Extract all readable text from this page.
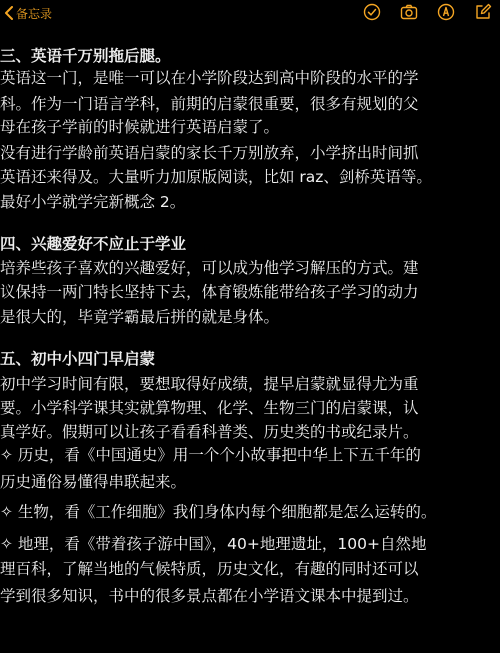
备忘录
三、英语千万别拖后腿。
英语这一门，是唯一可以在小学阶段达到高中阶段的水平的学
科。作为一门语言学科，前期的启蒙很重要，很多有规划的父
母在孩子学前的时候就进行英语启蒙了。
没有进行学龄前英语启蒙的家长千万别放弃，小学挤出时间抓
英语还来得及。大量听力加原版阅读，比如 raz、剑桥英语等。
最好小学就学完新概念 2。
四、兴趣爱好不应止于学业
培养些孩子喜欢的兴趣爱好，可以成为他学习解压的方式。建
议保持一两门特长坚持下去，体育锻炼能带给孩子学习的动力
是很大的，毕竟学霸最后拼的就是身体。
五、初中小四门早启蒙
初中学习时间有限，要想取得好成绩，提早启蒙就显得尤为重
要。小学科学课其实就算物理、化学、生物三门的启蒙课，认
真学好。假期可以让孩子看看科普类、历史类的书或纪录片。
✧ 历史，看《中国通史》用一个个小故事把中华上下五千年的
历史通俗易懂得串联起来。
✧ 生物，看《工作细胞》我们身体内每个细胞都是怎么运转的。
✧ 地理，看《带着孩子游中国》，40+地理遗址，100+自然地
理百科，了解当地的气候特质，历史文化，有趣的同时还可以
学到很多知识，书中的很多景点都在小学语文课本中提到过。
